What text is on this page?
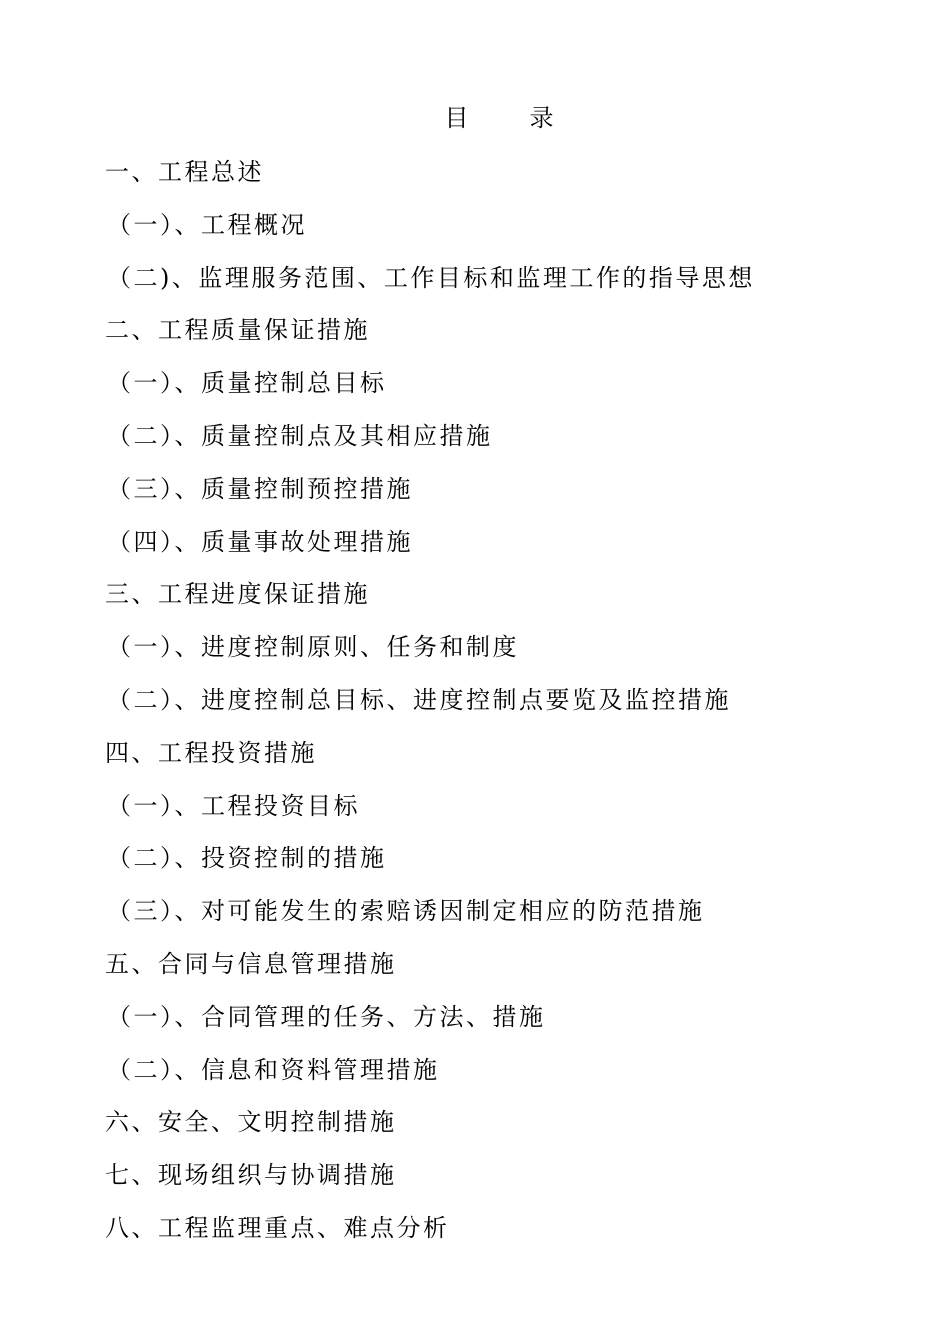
目        录
一、工程总述
（一）、工程概况
（二)、监理服务范围、工作目标和监理工作的指导思想
二、工程质量保证措施
（一）、质量控制总目标
（二）、质量控制点及其相应措施
（三）、质量控制预控措施
（四）、质量事故处理措施
三、工程进度保证措施
（一）、进度控制原则、任务和制度
（二）、进度控制总目标、进度控制点要览及监控措施
四、工程投资措施
（一）、工程投资目标
（二）、投资控制的措施
（三）、对可能发生的索赔诱因制定相应的防范措施
五、合同与信息管理措施
（一）、合同管理的任务、方法、措施
（二）、信息和资料管理措施
六、安全、文明控制措施
七、现场组织与协调措施
八、工程监理重点、难点分析
